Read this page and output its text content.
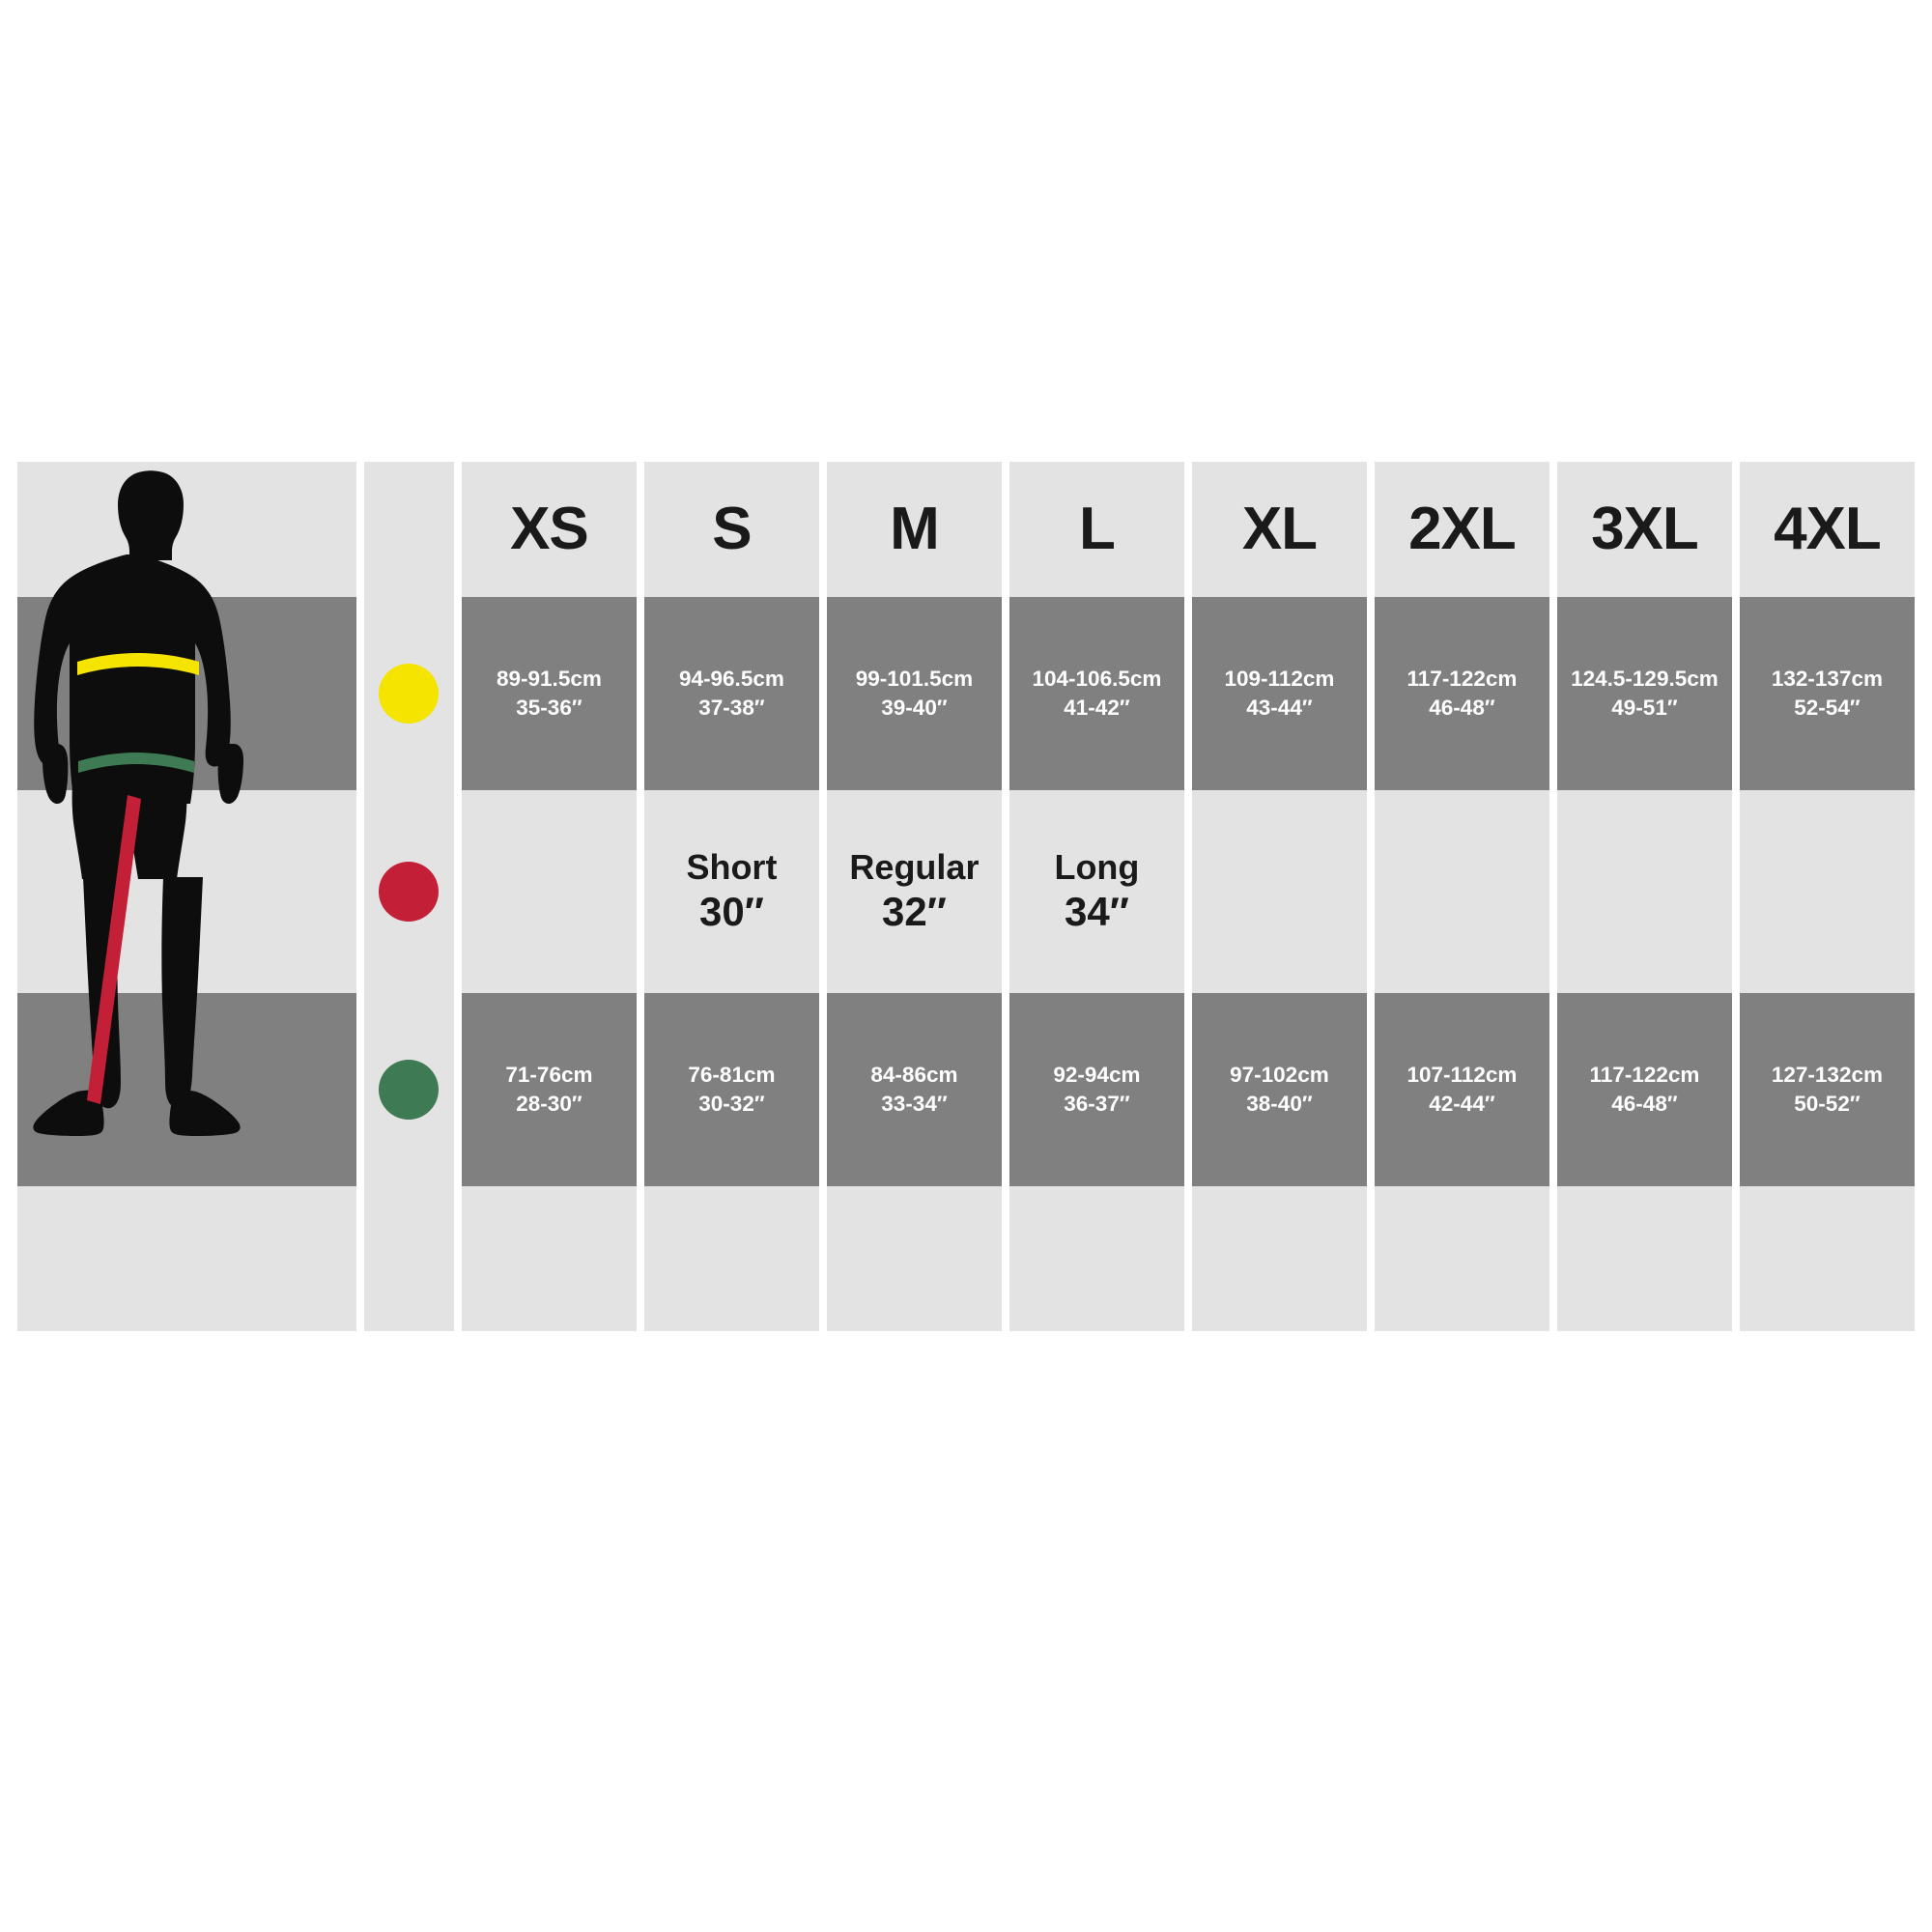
XS S M L XL 2XL 3XL 4XL
89-91.5cm
35-36″
94-96.5cm
37-38″
99-101.5cm
39-40″
104-106.5cm
41-42″
109-112cm
43-44″
117-122cm
46-48″
124.5-129.5cm
49-51″
132-137cm
52-54″
Short
30″
Regular
32″
Long
34″
71-76cm
28-30″
76-81cm
30-32″
84-86cm
33-34″
92-94cm
36-37″
97-102cm
38-40″
107-112cm
42-44″
117-122cm
46-48″
127-132cm
50-52″
